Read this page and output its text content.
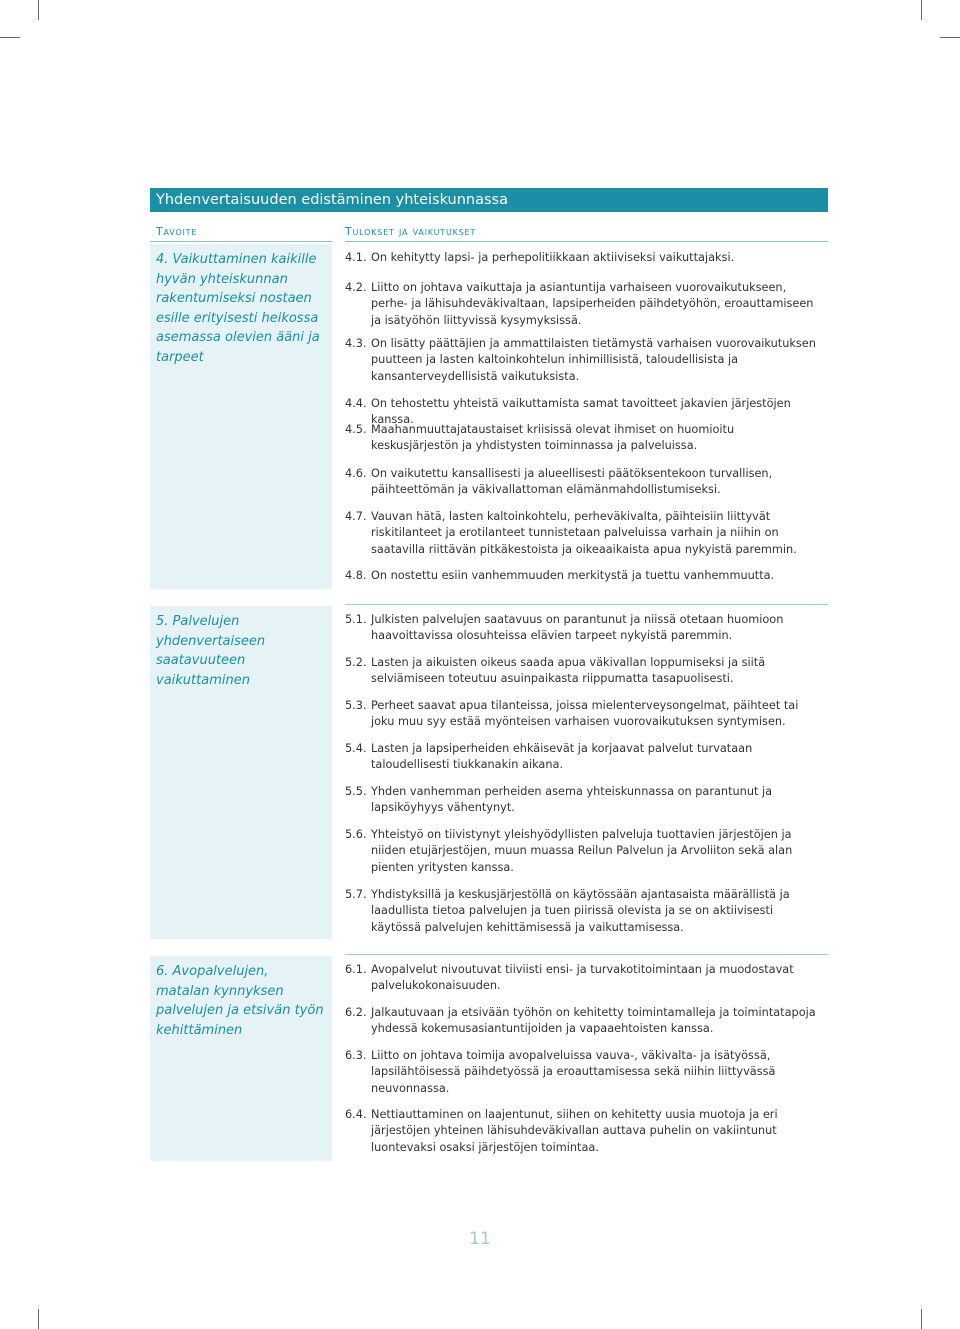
Yhdenvertaisuuden edistäminen yhteiskunnassa
Tavoite	Tulokset ja vaikutukset
4. Vaikuttaminen kaikille hyvän yhteiskunnan rakentumiseksi nostaen esille erityisesti heikossa asemassa olevien ääni ja tarpeet
4.1. On kehitytty lapsi- ja perhepolitiikkaan aktiiviseksi vaikuttajaksi.
4.2. Liitto on johtava vaikuttaja ja asiantuntija varhaiseen vuorovaikutukseen, perhe- ja lähisuhdeväkivaltaan, lapsiperheiden päihdetyöhön, eroauttamiseen ja isätyöhön liittyvissä kysymyksissä.
4.3. On lisätty päättäjien ja ammattilaisten tietämystä varhaisen vuorovaikutuksen puutteen ja lasten kaltoinkohtelun inhimillisistä, taloudellisista ja kansanterveydellisistä vaikutuksista.
4.4. On tehostettu yhteistä vaikuttamista samat tavoitteet jakavien järjestöjen kanssa.
4.5. Maahanmuuttajataustaiset kriisissä olevat ihmiset on huomioitu keskusjärjestön ja yhdistysten toiminnassa ja palveluissa.
4.6. On vaikutettu kansallisesti ja alueellisesti päätöksentekoon turvallisen, päihteettömän ja väkivallattoman elämänmahdollistumiseksi.
4.7. Vauvan hätä, lasten kaltoinkohtelu, perheväkivalta, päihteisiin liittyvät riskitilanteet ja erotilanteet tunnistetaan palveluissa varhain ja niihin on saatavilla riittävän pitkäkestoista ja oikeaaikaista apua nykyistä paremmin.
4.8. On nostettu esiin vanhemmuuden merkitystä ja tuettu vanhemmuutta.
5. Palvelujen yhdenvertaiseen saatavuuteen vaikuttaminen
5.1. Julkisten palvelujen saatavuus on parantunut ja niissä otetaan huomioon haavoittavissa olosuhteissa elävien tarpeet nykyistä paremmin.
5.2. Lasten ja aikuisten oikeus saada apua väkivallan loppumiseksi ja siitä selviämiseen toteutuu asuinpaikasta riippumatta tasapuolisesti.
5.3. Perheet saavat apua tilanteissa, joissa mielenterveysongelmat, päihteet tai joku muu syy estää myönteisen varhaisen vuorovaikutuksen syntymisen.
5.4. Lasten ja lapsiperheiden ehkäisevät ja korjaavat palvelut turvataan taloudellisesti tiukkanakin aikana.
5.5. Yhden vanhemman perheiden asema yhteiskunnassa on parantunut ja lapsiköyhyys vähentynyt.
5.6. Yhteistyö on tiivistynyt yleishyödyllisten palveluja tuottavien järjestöjen ja niiden etujärjestöjen, muun muassa Reilun Palvelun ja Arvoliiton sekä alan pienten yritysten kanssa.
5.7. Yhdistyksillä ja keskusjärjestöllä on käytössään ajantasaista määrällistä ja laadullista tietoa palvelujen ja tuen piirissä olevista ja se on aktiivisesti käytössä palvelujen kehittämisessä ja vaikuttamisessa.
6. Avopalvelujen, matalan kynnyksen palvelujen ja etsivän työn kehittäminen
6.1. Avopalvelut nivoutuvat tiiviisti ensi- ja turvakotitoimintaan ja muodostavat palvelukokonaisuuden.
6.2. Jalkautuvaan ja etsivään työhön on kehitetty toimintamalleja ja toimintatapoja yhdessä kokemusasiantuntijoiden ja vapaaehtoisten kanssa.
6.3. Liitto on johtava toimija avopalveluissa vauva-, väkivalta- ja isätyössä, lapsilähtöisessä päihdetyössä ja eroauttamisessa sekä niihin liittyvässä neuvonnassa.
6.4. Nettiauttaminen on laajentunut, siihen on kehitetty uusia muotoja ja eri järjestöjen yhteinen lähisuhdeväkivallan auttava puhelin on vakiintunut luontevaksi osaksi järjestöjen toimintaa.
11
